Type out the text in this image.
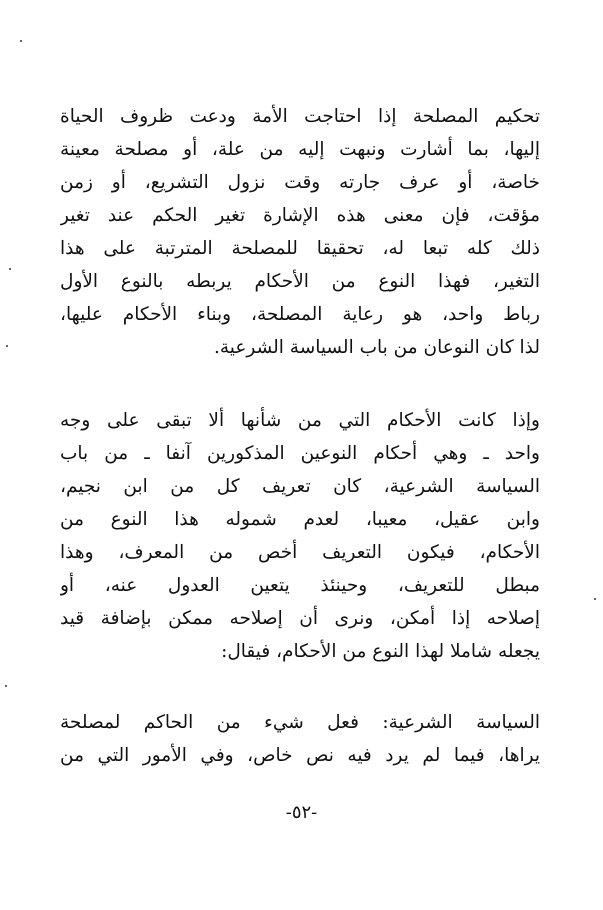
تحكيم المصلحة إذا احتاجت الأمة ودعت ظروف الحياة
إليها، بما أشارت ونبهت إليه من علة، أو مصلحة معينة
خاصة، أو عرف جارته وقت نزول التشريع، أو زمن
مؤقت، فإن معنى هذه الإشارة تغير الحكم عند تغير
ذلك كله تبعا له، تحقيقا للمصلحة المترتبة على هذا
التغير، فهذا النوع من الأحكام يربطه بالنوع الأول
رباط واحد، هو رعاية المصلحة، وبناء الأحكام عليها،
لذا كان النوعان من باب السياسة الشرعية.
وإذا كانت الأحكام التي من شأنها ألا تبقى على وجه
واحد ـ وهي أحكام النوعين المذكورين آنفا ـ من باب
السياسة الشرعية، كان تعريف كل من ابن نجيم،
وابن عقيل، معيبا، لعدم شموله هذا النوع من
الأحكام، فيكون التعريف أخص من المعرف، وهذا
مبطل للتعريف، وحينئذ يتعين العدول عنه، أو
إصلاحه إذا أمكن، ونرى أن إصلاحه ممكن بإضافة قيد
يجعله شاملا لهذا النوع من الأحكام، فيقال:
السياسة الشرعية: فعل شيء من الحاكم لمصلحة
يراها، فيما لم يرد فيه نص خاص، وفي الأمور التي من
-٥٢-
